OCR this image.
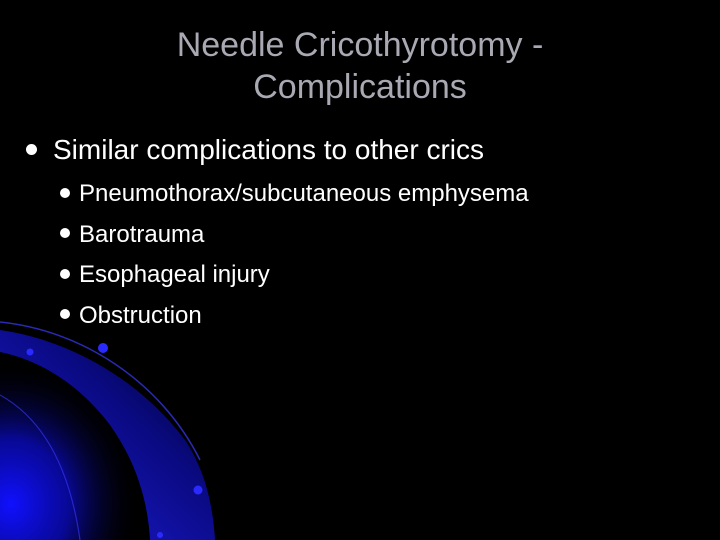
Needle Cricothyrotomy -
Complications
Similar complications to other crics
Pneumothorax/subcutaneous emphysema
Barotrauma
Esophageal injury
Obstruction
